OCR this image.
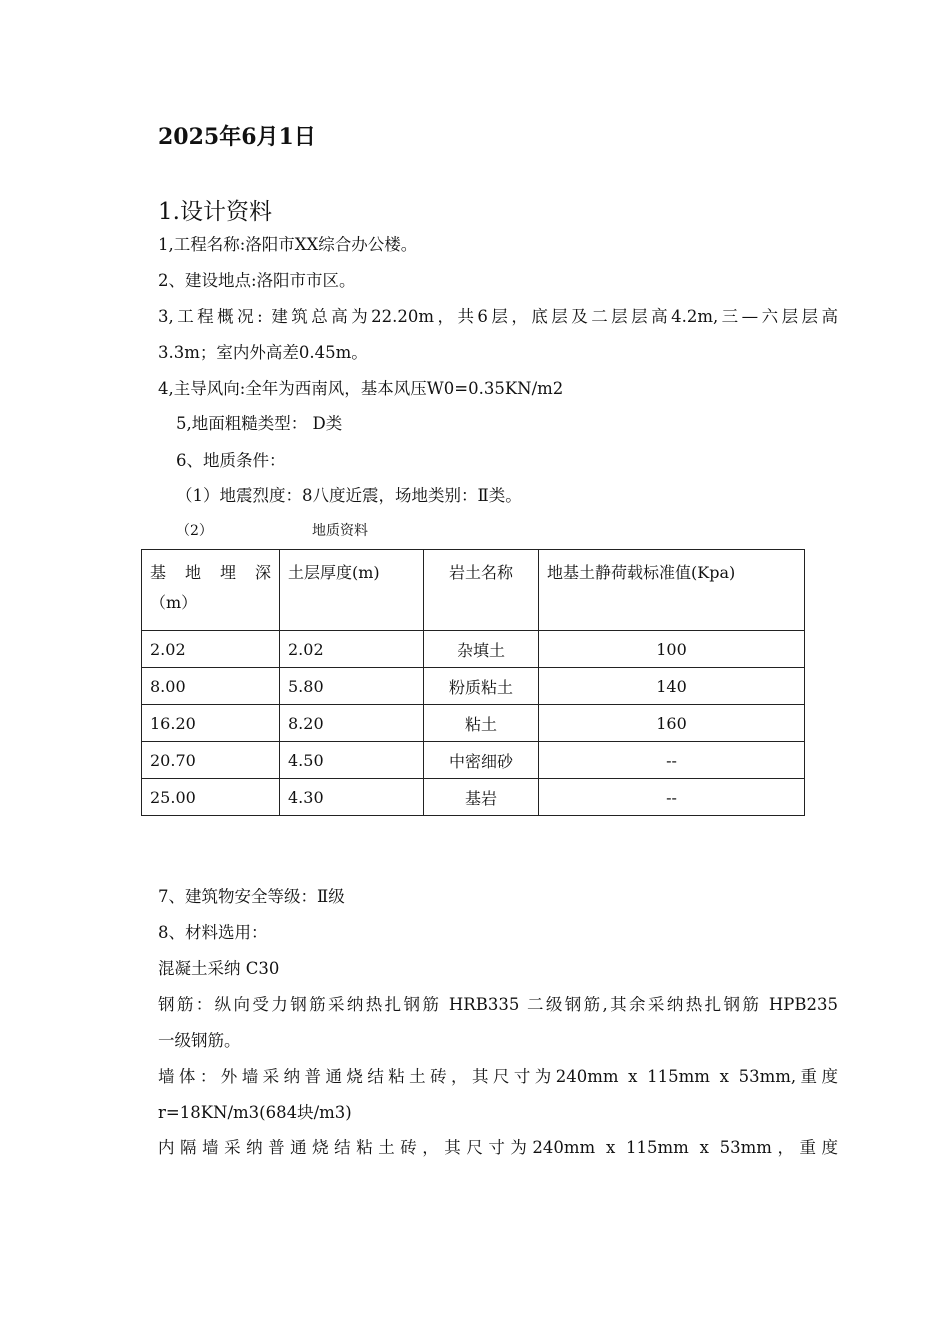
2025年6月1日
1.设计资料
1,工程名称:洛阳市XX综合办公楼。
2、建设地点:洛阳市市区。
3,工程概况: 建筑总高为22.20m，共6层，底层及二层层高4.2m,三—六层层高
3.3m；室内外高差0.45m。
4,主导风向:全年为西南风，基本风压W0=0.35KN/m2
5,地面粗糙类型： D类
6、地质条件：
（1）地震烈度：8八度近震，场地类别：Ⅱ类。
（2）	地质资料
基 地 埋 深
（m）	土层厚度(m)	岩土名称	地基土静荷载标准值(Kpa)
2.02	2.02	杂填土	100
8.00	5.80	粉质粘土	140
16.20	8.20	粘土	160
20.70	4.50	中密细砂	--
25.00	4.30	基岩	--
7、建筑物安全等级：Ⅱ级
8、材料选用：
混凝土采纳 C30
钢筋：纵向受力钢筋采纳热扎钢筋 HRB335 二级钢筋,其余采纳热扎钢筋 HPB235
一级钢筋。
墙体：外墙采纳普通烧结粘土砖，其尺寸为240mm x 115mm x 53mm,重度
r=18KN/m3(684块/m3)
内隔墙采纳普通烧结粘土砖，其尺寸为240mm x 115mm x 53mm，重度
